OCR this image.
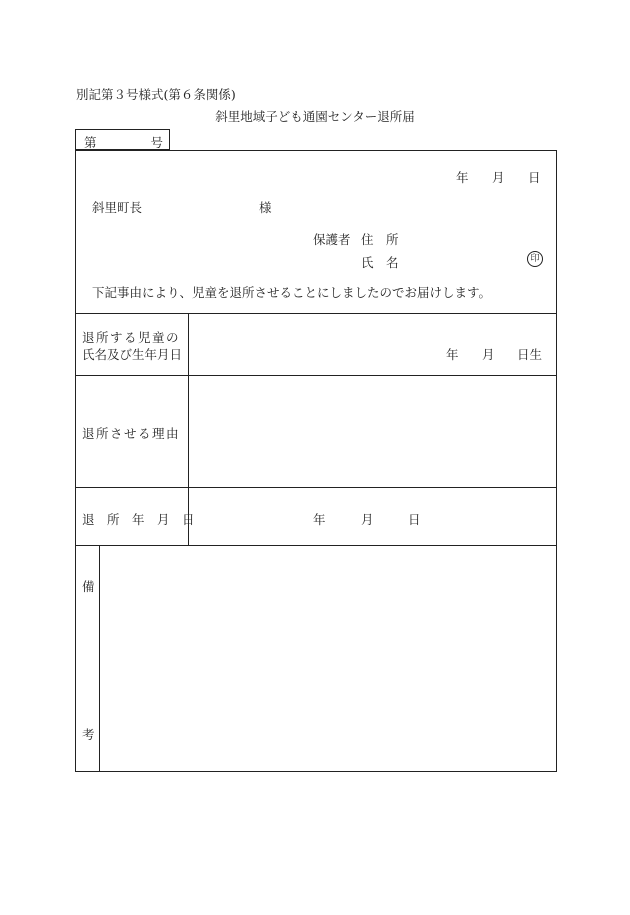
別記第３号様式(第６条関係)
斜里地域子ども通園センター退所届
第	号
年 月 日
斜里町長	様
保護者 住　所
氏　名	印
下記事由により、児童を退所させることにしましたのでお届けします。
退所する児童の
氏名及び生年月日	年 月 日生
退所させる理由
退　所　年　月　日	年	月	日
備
考
